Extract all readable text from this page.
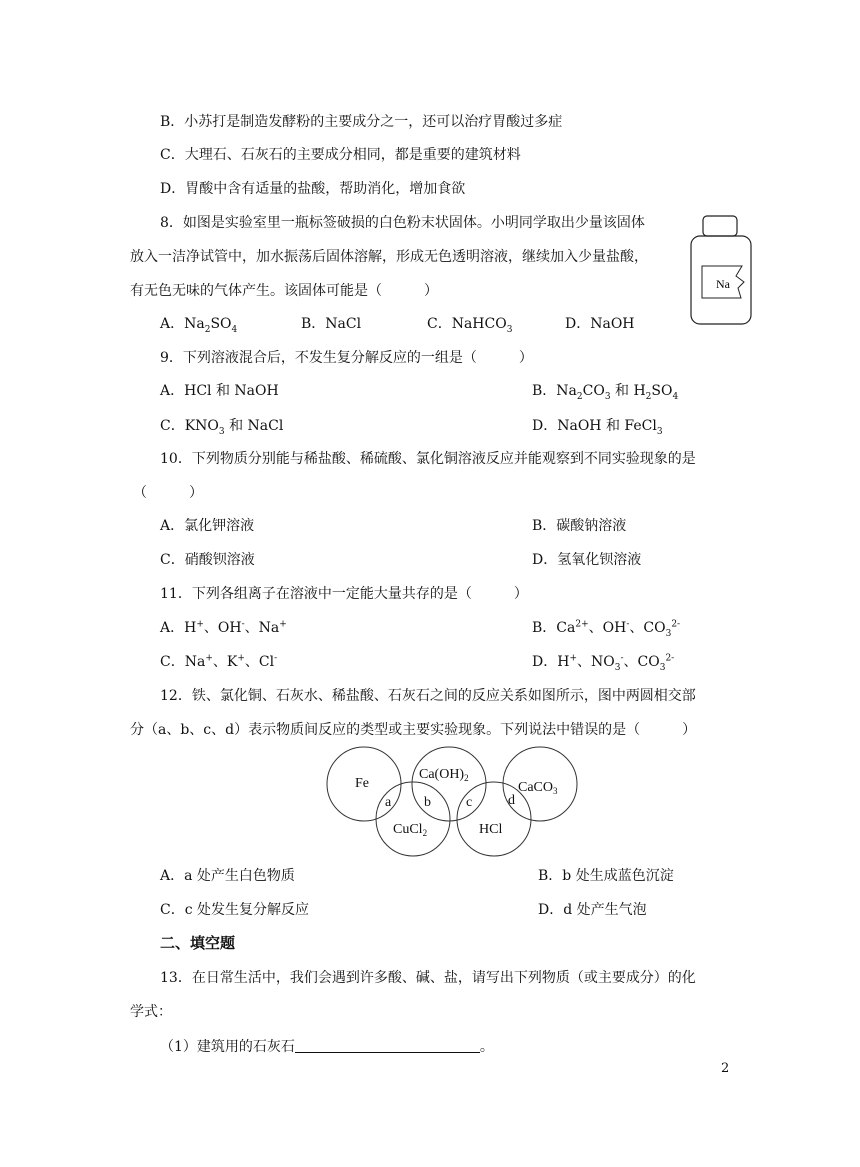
B．小苏打是制造发酵粉的主要成分之一，还可以治疗胃酸过多症
C．大理石、石灰石的主要成分相同，都是重要的建筑材料
D．胃酸中含有适量的盐酸，帮助消化，增加食欲
8．如图是实验室里一瓶标签破损的白色粉末状固体。小明同学取出少量该固体
放入一洁净试管中，加水振荡后固体溶解，形成无色透明溶液，继续加入少量盐酸，
有无色无味的气体产生。该固体可能是（　　　）	Na
A．$Na_2SO_4$	B．NaCl	C．NaHCO$_3$	D．NaOH
9．下列溶液混合后，不发生复分解反应的一组是（　　　）
A．HCl 和 NaOH	B．$Na_2CO_3$ 和 $H_2SO_4$
C．$KNO_3$ 和 NaCl	D．NaOH 和 FeCl$_3$
10．下列物质分别能与稀盐酸、稀硫酸、氯化铜溶液反应并能观察到不同实验现象的是
（　　　）
A．氯化钾溶液	B．碳酸钠溶液
C．硝酸钡溶液	D．氢氧化钡溶液
11．下列各组离子在溶液中一定能大量共存的是（　　　）
A．H+、OH-、Na+	B．$Ca^{2+}$、OH-、$CO_3^{2-}$
C．Na+、K+、Cl-	D．H+、$NO_3^-$、$CO_3^{2-}$
12．铁、氯化铜、石灰水、稀盐酸、石灰石之间的反应关系如图所示，图中两圆相交部
分（a、b、c、d）表示物质间反应的类型或主要实验现象。下列说法中错误的是（　　　）
Fe
$Ca(OH)_2$
CaCO$_3$
CuCl$_2$	HCl
a b	c	d
A．a 处产生白色物质	B．b 处生成蓝色沉淀
C．c 处发生复分解反应	D．d 处产生气泡
二、填空题
13．在日常生活中，我们会遇到许多酸、碱、盐，请写出下列物质（或主要成分）的化
学式：
（1）建筑用的石灰石	。
2
